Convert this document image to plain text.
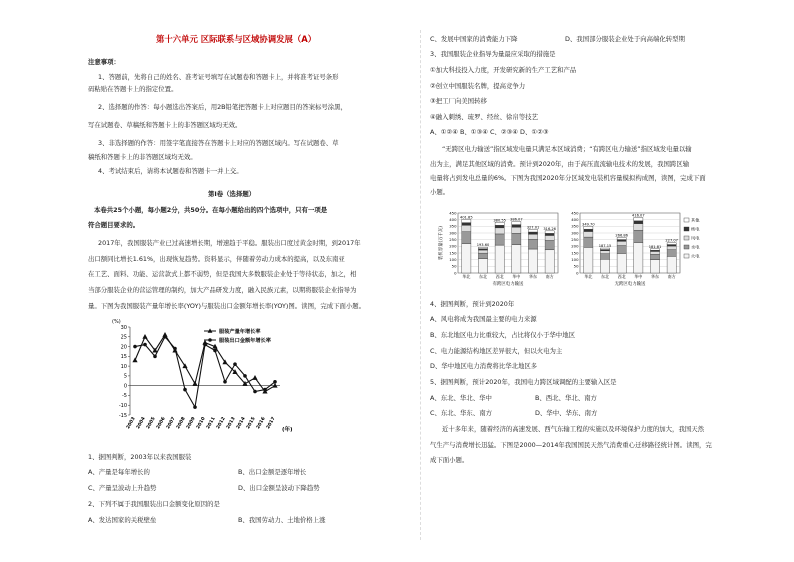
第十六单元 区际联系与区域协调发展（A）
注意事项：
1、答题前，先将自己的姓名、准考证号填写在试题卷和答题卡上，并将准考证号条形
码粘贴在答题卡上的指定位置。
2、选择题的作答：每小题选出答案后，用2B铅笔把答题卡上对应题目的答案标号涂黑，
写在试题卷、草稿纸和答题卡上的非答题区域均无效。
3、非选择题的作答：用签字笔直接答在答题卡上对应的答题区域内。写在试题卷、草
稿纸和答题卡上的非答题区域均无效。
4、考试结束后，请将本试题卷和答题卡一并上交。
第Ⅰ卷（选择题）
本卷共25个小题，每小题2分，共50分。在每小题给出的四个选项中，只有一项是
符合题目要求的。
2017年，我国服装产业已过高速增长期，增速趋于平稳。服装出口度过黄金时期，到2017年
出口额同比增长1.61%，出现恢复趋势。资料显示，伴随着劳动力成本的提高，以及东南亚
在工艺、面料、功能、运营款式上都不弱势，但是我国大多数服装企业处于等待状态，加之，相
当部分服装企业的营运管理的制约，加大产品研发力度，融入民族元素，以期将服装企业指导为
量。下图为我国服装产量年增长率(YOY)与服装出口金额年增长率(YOY)图。读图，完成下面小题。
(%)
30
25
20
15
10
5
0
-5
-10
-15
2003 2004 2005 2006 2007 2008 2009 2010 2011 2012 2013 2014 2015 2016 2017 (年)
服装产量年增长率
服装出口金额年增长率
1、据图判断，2003年以来我国服装
A、产量是每年增长的	B、出口金额是逐年增长
C、产量呈波动上升趋势	D、出口金额呈波动下降趋势
2、下列不属于我国服装出口金额变化原因的是
A、发达国家的关税壁垒	B、我国劳动力、土地价格上涨
C、发展中国家的消费能力下降	D、我国部分服装企业处于向高端化转型期
3、我国服装企业指导为量最应采取的措施是
①加大科技投入力度，开发研究新的生产工艺和产品
②创立中国服装名牌，提高竞争力
③把工厂向美国转移
④融入刺绣、琉罗、经丝、徐帛等技艺
A、①②④ B、①③④ C、②③④ D、①②③
“无跨区电力输送”指区域发电量只满足本区域消费；“有跨区电力输送”指区域发电量以输
出为主，满足其他区域的消费。预计到2020年，由于高压直流输电技术的发展，我国跨区输
电量将占到发电总量的6%。下图为我国2020年分区域发电装机容量模拟构成图，读图，完成下面
小题。
装机容量(万千瓦)
450
400
350
300
250
200
150
100
50
0
401.85
华北
193.60
东北
380.55
西北
386.07
华中
327.01
华东
316.26
南方
有跨区电力输送
450
400
350
300
250
200
150
100
50
0
349.70
华北
187.15
东北
266.86
西北
416.07
华中
181.81
华东
227.07
南方
无跨区电力输送
其他
核电
风电
水电
火电
4、据图判断，预计到2020年
A、风电将成为我国最主要的电力来源
B、东北地区电力比重较大，占比将仅小于华中地区
C、电力能源结构地区差异很大，但以火电为主
D、华中地区电力消费将比华北地区多
5、据图判断，预计2020年，我国电力跨区域调配的主要输入区是
A、东北、华北、华中	B、西北、华北、南方
C、东北、华东、南方	D、华中、华东、南方
近十多年来，随着经济的高速发展、西气东输工程的实施以及环境保护力度的加大，我国天然
气生产与消费增长迅猛。下图是2000—2014年我国国民天然气消费重心迁移路径统计图。读图，完
成下面小题。
